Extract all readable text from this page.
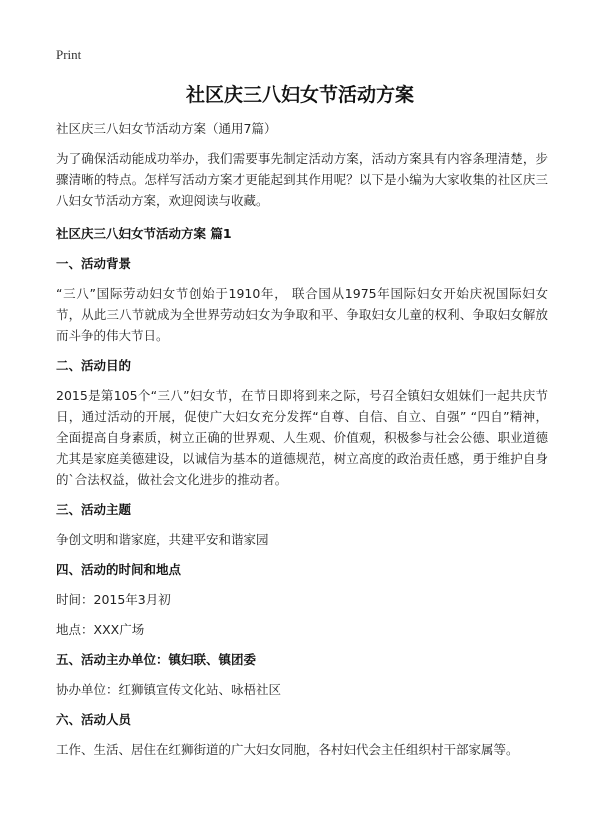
Print
社区庆三八妇女节活动方案

社区庆三八妇女节活动方案（通用7篇）

为了确保活动能成功举办，我们需要事先制定活动方案，活动方案具有内容条理清楚，步骤清晰的特点。怎样写活动方案才更能起到其作用呢？以下是小编为大家收集的社区庆三八妇女节活动方案，欢迎阅读与收藏。

社区庆三八妇女节活动方案 篇1

一、活动背景

“三八”国际劳动妇女节创始于1910年， 联合国从1975年国际妇女开始庆祝国际妇女节，从此三八节就成为全世界劳动妇女为争取和平、争取妇女儿童的权利、争取妇女解放而斗争的伟大节日。

二、活动目的

2015是第105个“三八”妇女节，在节日即将到来之际，号召全镇妇女姐妹们一起共庆节日，通过活动的开展，促使广大妇女充分发挥“自尊、自信、自立、自强” “四自”精神，全面提高自身素质，树立正确的世界观、人生观、价值观，积极参与社会公德、职业道德尤其是家庭美德建设，以诚信为基本的道德规范，树立高度的政治责任感，勇于维护自身的`合法权益，做社会文化进步的推动者。

三、活动主题

争创文明和谐家庭，共建平安和谐家园

四、活动的时间和地点

时间：2015年3月初

地点：XXX广场

五、活动主办单位：镇妇联、镇团委

协办单位：红狮镇宣传文化站、咏梧社区

六、活动人员

工作、生活、居住在红狮街道的广大妇女同胞，各村妇代会主任组织村干部家属等。
